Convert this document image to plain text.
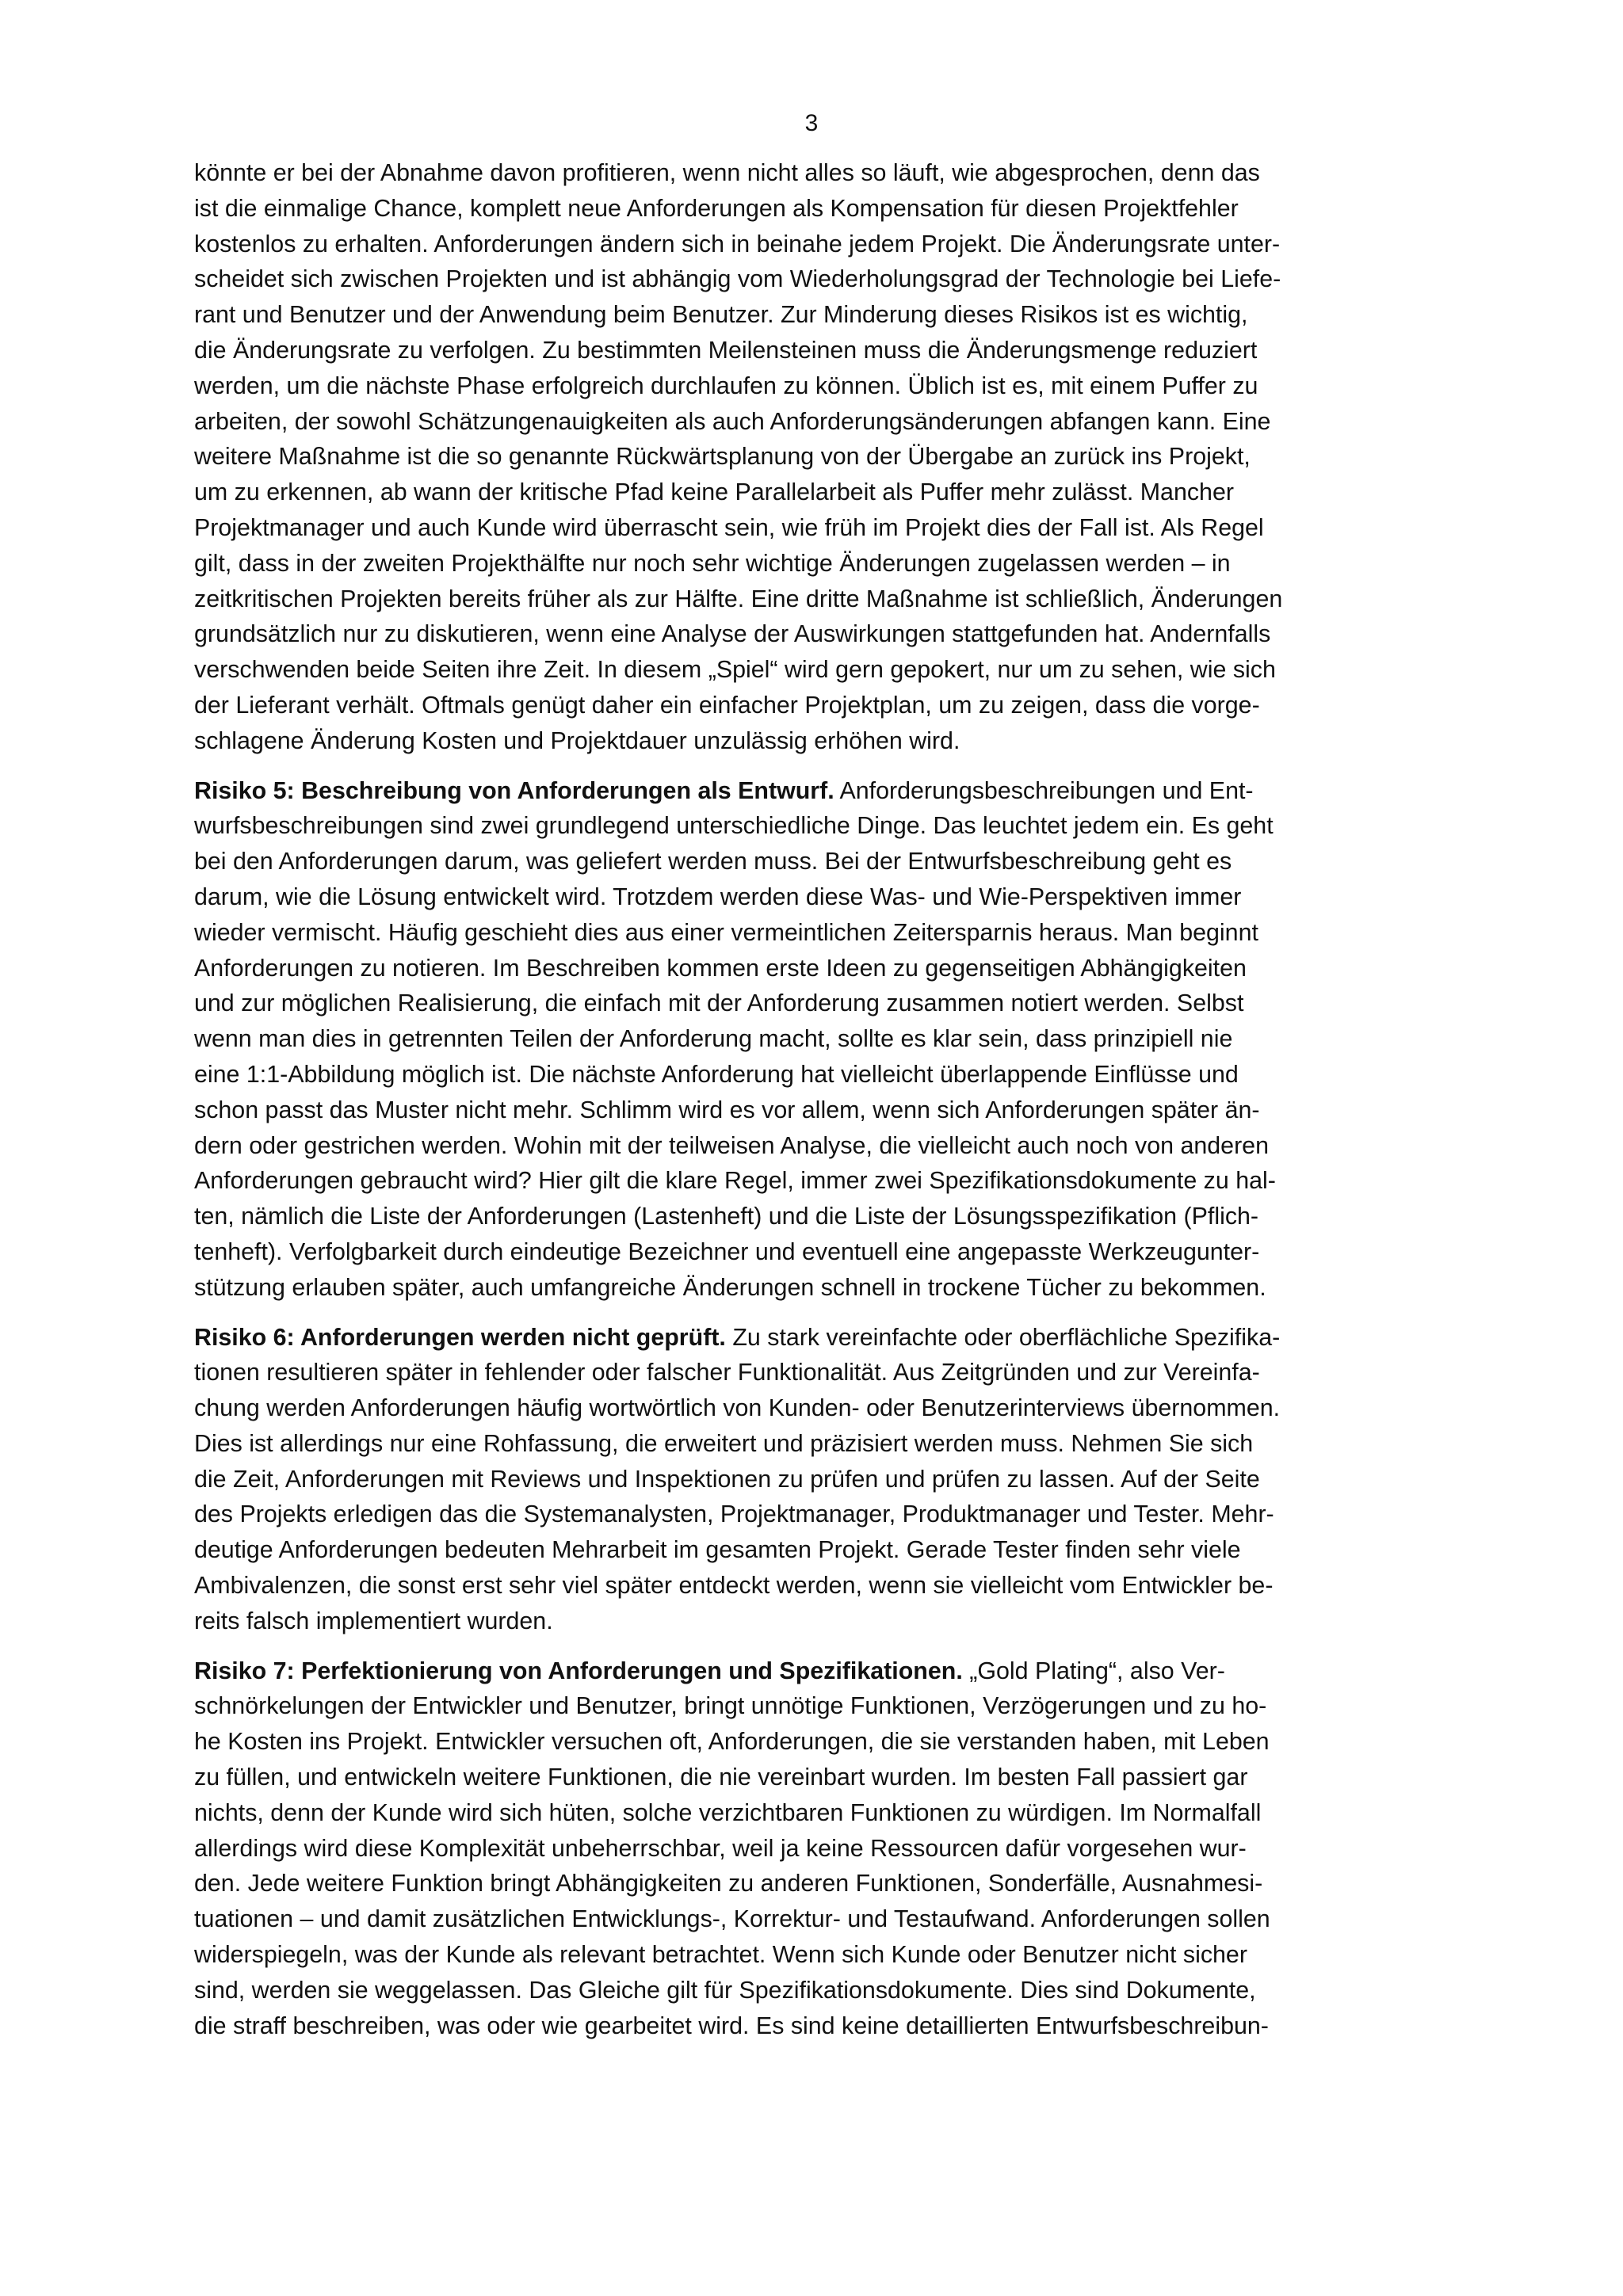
3
könnte er bei der Abnahme davon profitieren, wenn nicht alles so läuft, wie abgesprochen, denn das
ist die einmalige Chance, komplett neue Anforderungen als Kompensation für diesen Projektfehler
kostenlos zu erhalten. Anforderungen ändern sich in beinahe jedem Projekt. Die Änderungsrate unter-
scheidet sich zwischen Projekten und ist abhängig vom Wiederholungsgrad der Technologie bei Liefe-
rant und Benutzer und der Anwendung beim Benutzer. Zur Minderung dieses Risikos ist es wichtig,
die Änderungsrate zu verfolgen. Zu bestimmten Meilensteinen muss die Änderungsmenge reduziert
werden, um die nächste Phase erfolgreich durchlaufen zu können. Üblich ist es, mit einem Puffer zu
arbeiten, der sowohl Schätzungenauigkeiten als auch Anforderungsänderungen abfangen kann. Eine
weitere Maßnahme ist die so genannte Rückwärtsplanung von der Übergabe an zurück ins Projekt,
um zu erkennen, ab wann der kritische Pfad keine Parallelarbeit als Puffer mehr zulässt. Mancher
Projektmanager und auch Kunde wird überrascht sein, wie früh im Projekt dies der Fall ist. Als Regel
gilt, dass in der zweiten Projekthälfte nur noch sehr wichtige Änderungen zugelassen werden – in
zeitkritischen Projekten bereits früher als zur Hälfte. Eine dritte Maßnahme ist schließlich, Änderungen
grundsätzlich nur zu diskutieren, wenn eine Analyse der Auswirkungen stattgefunden hat. Andernfalls
verschwenden beide Seiten ihre Zeit. In diesem „Spiel“ wird gern gepokert, nur um zu sehen, wie sich
der Lieferant verhält. Oftmals genügt daher ein einfacher Projektplan, um zu zeigen, dass die vorge-
schlagene Änderung Kosten und Projektdauer unzulässig erhöhen wird.
Risiko 5: Beschreibung von Anforderungen als Entwurf. Anforderungsbeschreibungen und Ent-
wurfsbeschreibungen sind zwei grundlegend unterschiedliche Dinge. Das leuchtet jedem ein. Es geht
bei den Anforderungen darum, was geliefert werden muss. Bei der Entwurfsbeschreibung geht es
darum, wie die Lösung entwickelt wird. Trotzdem werden diese Was- und Wie-Perspektiven immer
wieder vermischt. Häufig geschieht dies aus einer vermeintlichen Zeitersparnis heraus. Man beginnt
Anforderungen zu notieren. Im Beschreiben kommen erste Ideen zu gegenseitigen Abhängigkeiten
und zur möglichen Realisierung, die einfach mit der Anforderung zusammen notiert werden. Selbst
wenn man dies in getrennten Teilen der Anforderung macht, sollte es klar sein, dass prinzipiell nie
eine 1:1-Abbildung möglich ist. Die nächste Anforderung hat vielleicht überlappende Einflüsse und
schon passt das Muster nicht mehr. Schlimm wird es vor allem, wenn sich Anforderungen später än-
dern oder gestrichen werden. Wohin mit der teilweisen Analyse, die vielleicht auch noch von anderen
Anforderungen gebraucht wird? Hier gilt die klare Regel, immer zwei Spezifikationsdokumente zu hal-
ten, nämlich die Liste der Anforderungen (Lastenheft) und die Liste der Lösungsspezifikation (Pflich-
tenheft). Verfolgbarkeit durch eindeutige Bezeichner und eventuell eine angepasste Werkzeugunter-
stützung erlauben später, auch umfangreiche Änderungen schnell in trockene Tücher zu bekommen.
Risiko 6: Anforderungen werden nicht geprüft. Zu stark vereinfachte oder oberflächliche Spezifika-
tionen resultieren später in fehlender oder falscher Funktionalität. Aus Zeitgründen und zur Vereinfa-
chung werden Anforderungen häufig wortwörtlich von Kunden- oder Benutzerinterviews übernommen.
Dies ist allerdings nur eine Rohfassung, die erweitert und präzisiert werden muss. Nehmen Sie sich
die Zeit, Anforderungen mit Reviews und Inspektionen zu prüfen und prüfen zu lassen. Auf der Seite
des Projekts erledigen das die Systemanalysten, Projektmanager, Produktmanager und Tester. Mehr-
deutige Anforderungen bedeuten Mehrarbeit im gesamten Projekt. Gerade Tester finden sehr viele
Ambivalenzen, die sonst erst sehr viel später entdeckt werden, wenn sie vielleicht vom Entwickler be-
reits falsch implementiert wurden.
Risiko 7: Perfektionierung von Anforderungen und Spezifikationen. „Gold Plating“, also Ver-
schnörkelungen der Entwickler und Benutzer, bringt unnötige Funktionen, Verzögerungen und zu ho-
he Kosten ins Projekt. Entwickler versuchen oft, Anforderungen, die sie verstanden haben, mit Leben
zu füllen, und entwickeln weitere Funktionen, die nie vereinbart wurden. Im besten Fall passiert gar
nichts, denn der Kunde wird sich hüten, solche verzichtbaren Funktionen zu würdigen. Im Normalfall
allerdings wird diese Komplexität unbeherrschbar, weil ja keine Ressourcen dafür vorgesehen wur-
den. Jede weitere Funktion bringt Abhängigkeiten zu anderen Funktionen, Sonderfälle, Ausnahmesi-
tuationen – und damit zusätzlichen Entwicklungs-, Korrektur- und Testaufwand. Anforderungen sollen
widerspiegeln, was der Kunde als relevant betrachtet. Wenn sich Kunde oder Benutzer nicht sicher
sind, werden sie weggelassen. Das Gleiche gilt für Spezifikationsdokumente. Dies sind Dokumente,
die straff beschreiben, was oder wie gearbeitet wird. Es sind keine detaillierten Entwurfsbeschreibun-
